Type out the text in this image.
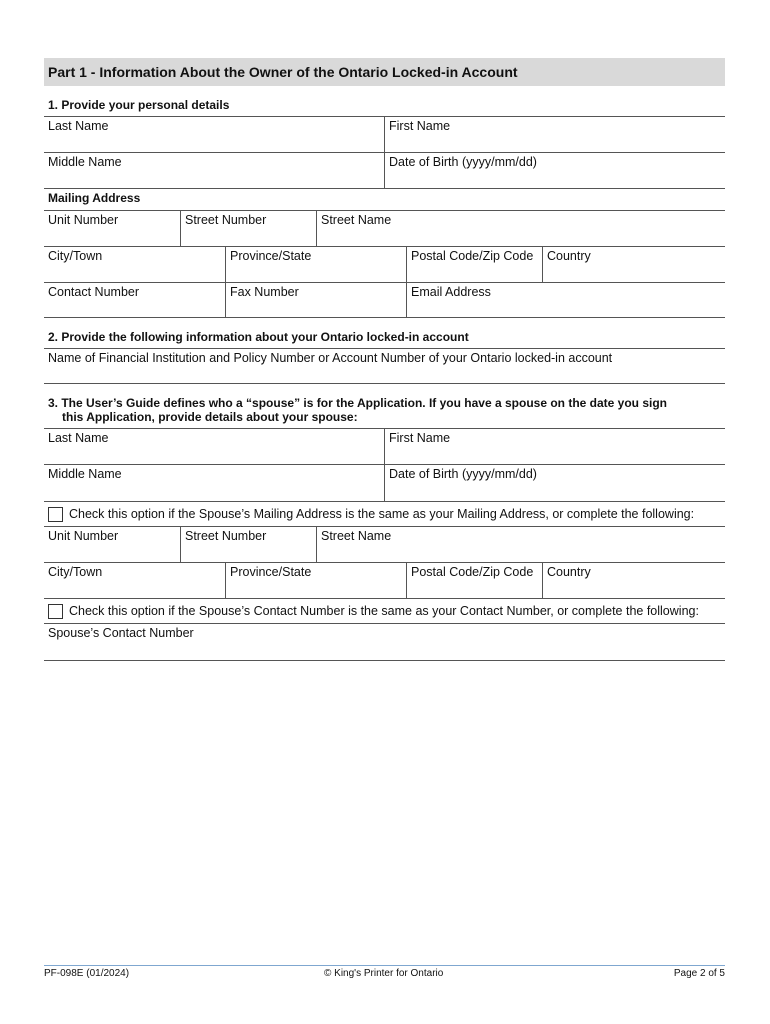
Part 1 - Information About the Owner of the Ontario Locked-in Account
1. Provide your personal details
Last Name	First Name
Middle Name	Date of Birth (yyyy/mm/dd)
Mailing Address
Unit Number	Street Number	Street Name
City/Town	Province/State	Postal Code/Zip Code	Country
Contact Number	Fax Number	Email Address
2. Provide the following information about your Ontario locked-in account
Name of Financial Institution and Policy Number or Account Number of your Ontario locked-in account
3. The User’s Guide defines who a “spouse” is for the Application. If you have a spouse on the date you sign
this Application, provide details about your spouse:
Last Name	First Name
Middle Name	Date of Birth (yyyy/mm/dd)
Check this option if the Spouse’s Mailing Address is the same as your Mailing Address, or complete the following:
Unit Number	Street Number	Street Name
City/Town	Province/State	Postal Code/Zip Code	Country
Check this option if the Spouse’s Contact Number is the same as your Contact Number, or complete the following:
Spouse’s Contact Number
PF-098E (01/2024)	© King's Printer for Ontario	Page 2 of 5
